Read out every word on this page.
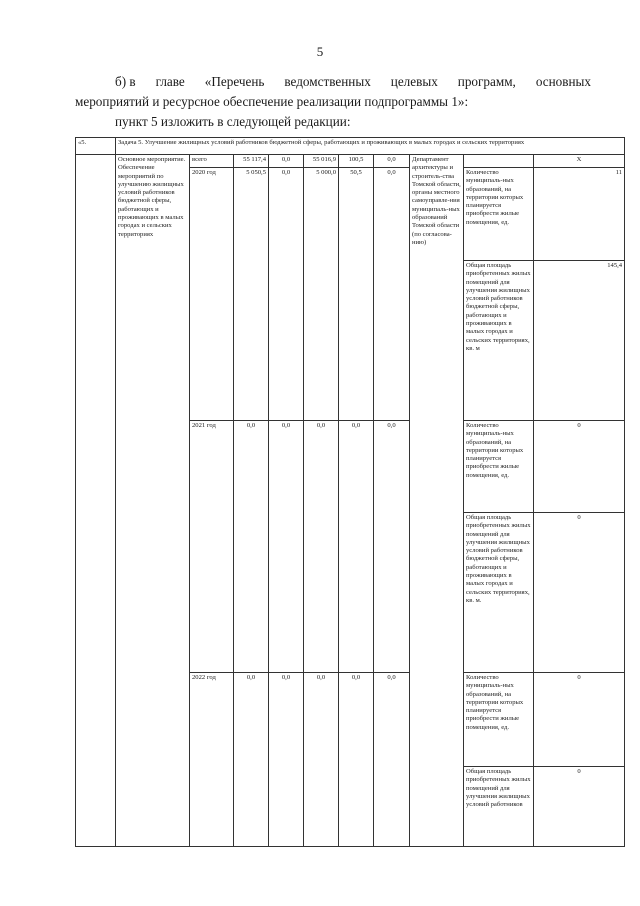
5
б) в главе «Перечень ведомственных целевых программ, основных
мероприятий и ресурсное обеспечение реализации подпрограммы 1»:
пункт 5 изложить в следующей редакции:
«5.	Задача 5. Улучшение жилищных условий работников бюджетной сферы, работающих и проживающих в малых городах и сельских территориях									
	Основное мероприятие. Обеспечение мероприятий по улучшению жилищных условий работников бюджетной сферы, работающих и проживающих в малых городах и сельских территориях	всего	55 117,4	0,0	55 016,9	100,5	0,0	Департамент архитектуры и строитель-ства Томской области, органы местного самоуправле-ния муниципаль-ных образований Томской области (по согласова-нию)		X
		2020 год	5 050,5	0,0	5 000,0	50,5	0,0		Количество муниципаль-ных образований, на территории которых планируется приобрести жилые помещения, ед.	11
									Общая площадь приобретенных жилых помещений для улучшения жилищных условий работников бюджетной сферы, работающих и проживающих в малых городах и сельских территориях, кв. м	145,4
		2021 год	0,0	0,0	0,0	0,0	0,0		Количество муниципаль-ных образований, на территории которых планируется приобрести жилые помещения, ед.	0
									Общая площадь приобретенных жилых помещений для улучшения жилищных условий работников бюджетной сферы, работающих и проживающих в малых городах и сельских территориях, кв. м.	0
		2022 год	0,0	0,0	0,0	0,0	0,0		Количество муниципаль-ных образований, на территории которых планируется приобрести жилые помещения, ед.	0
									Общая площадь приобретенных жилых помещений для улучшения жилищных условий работников	0
